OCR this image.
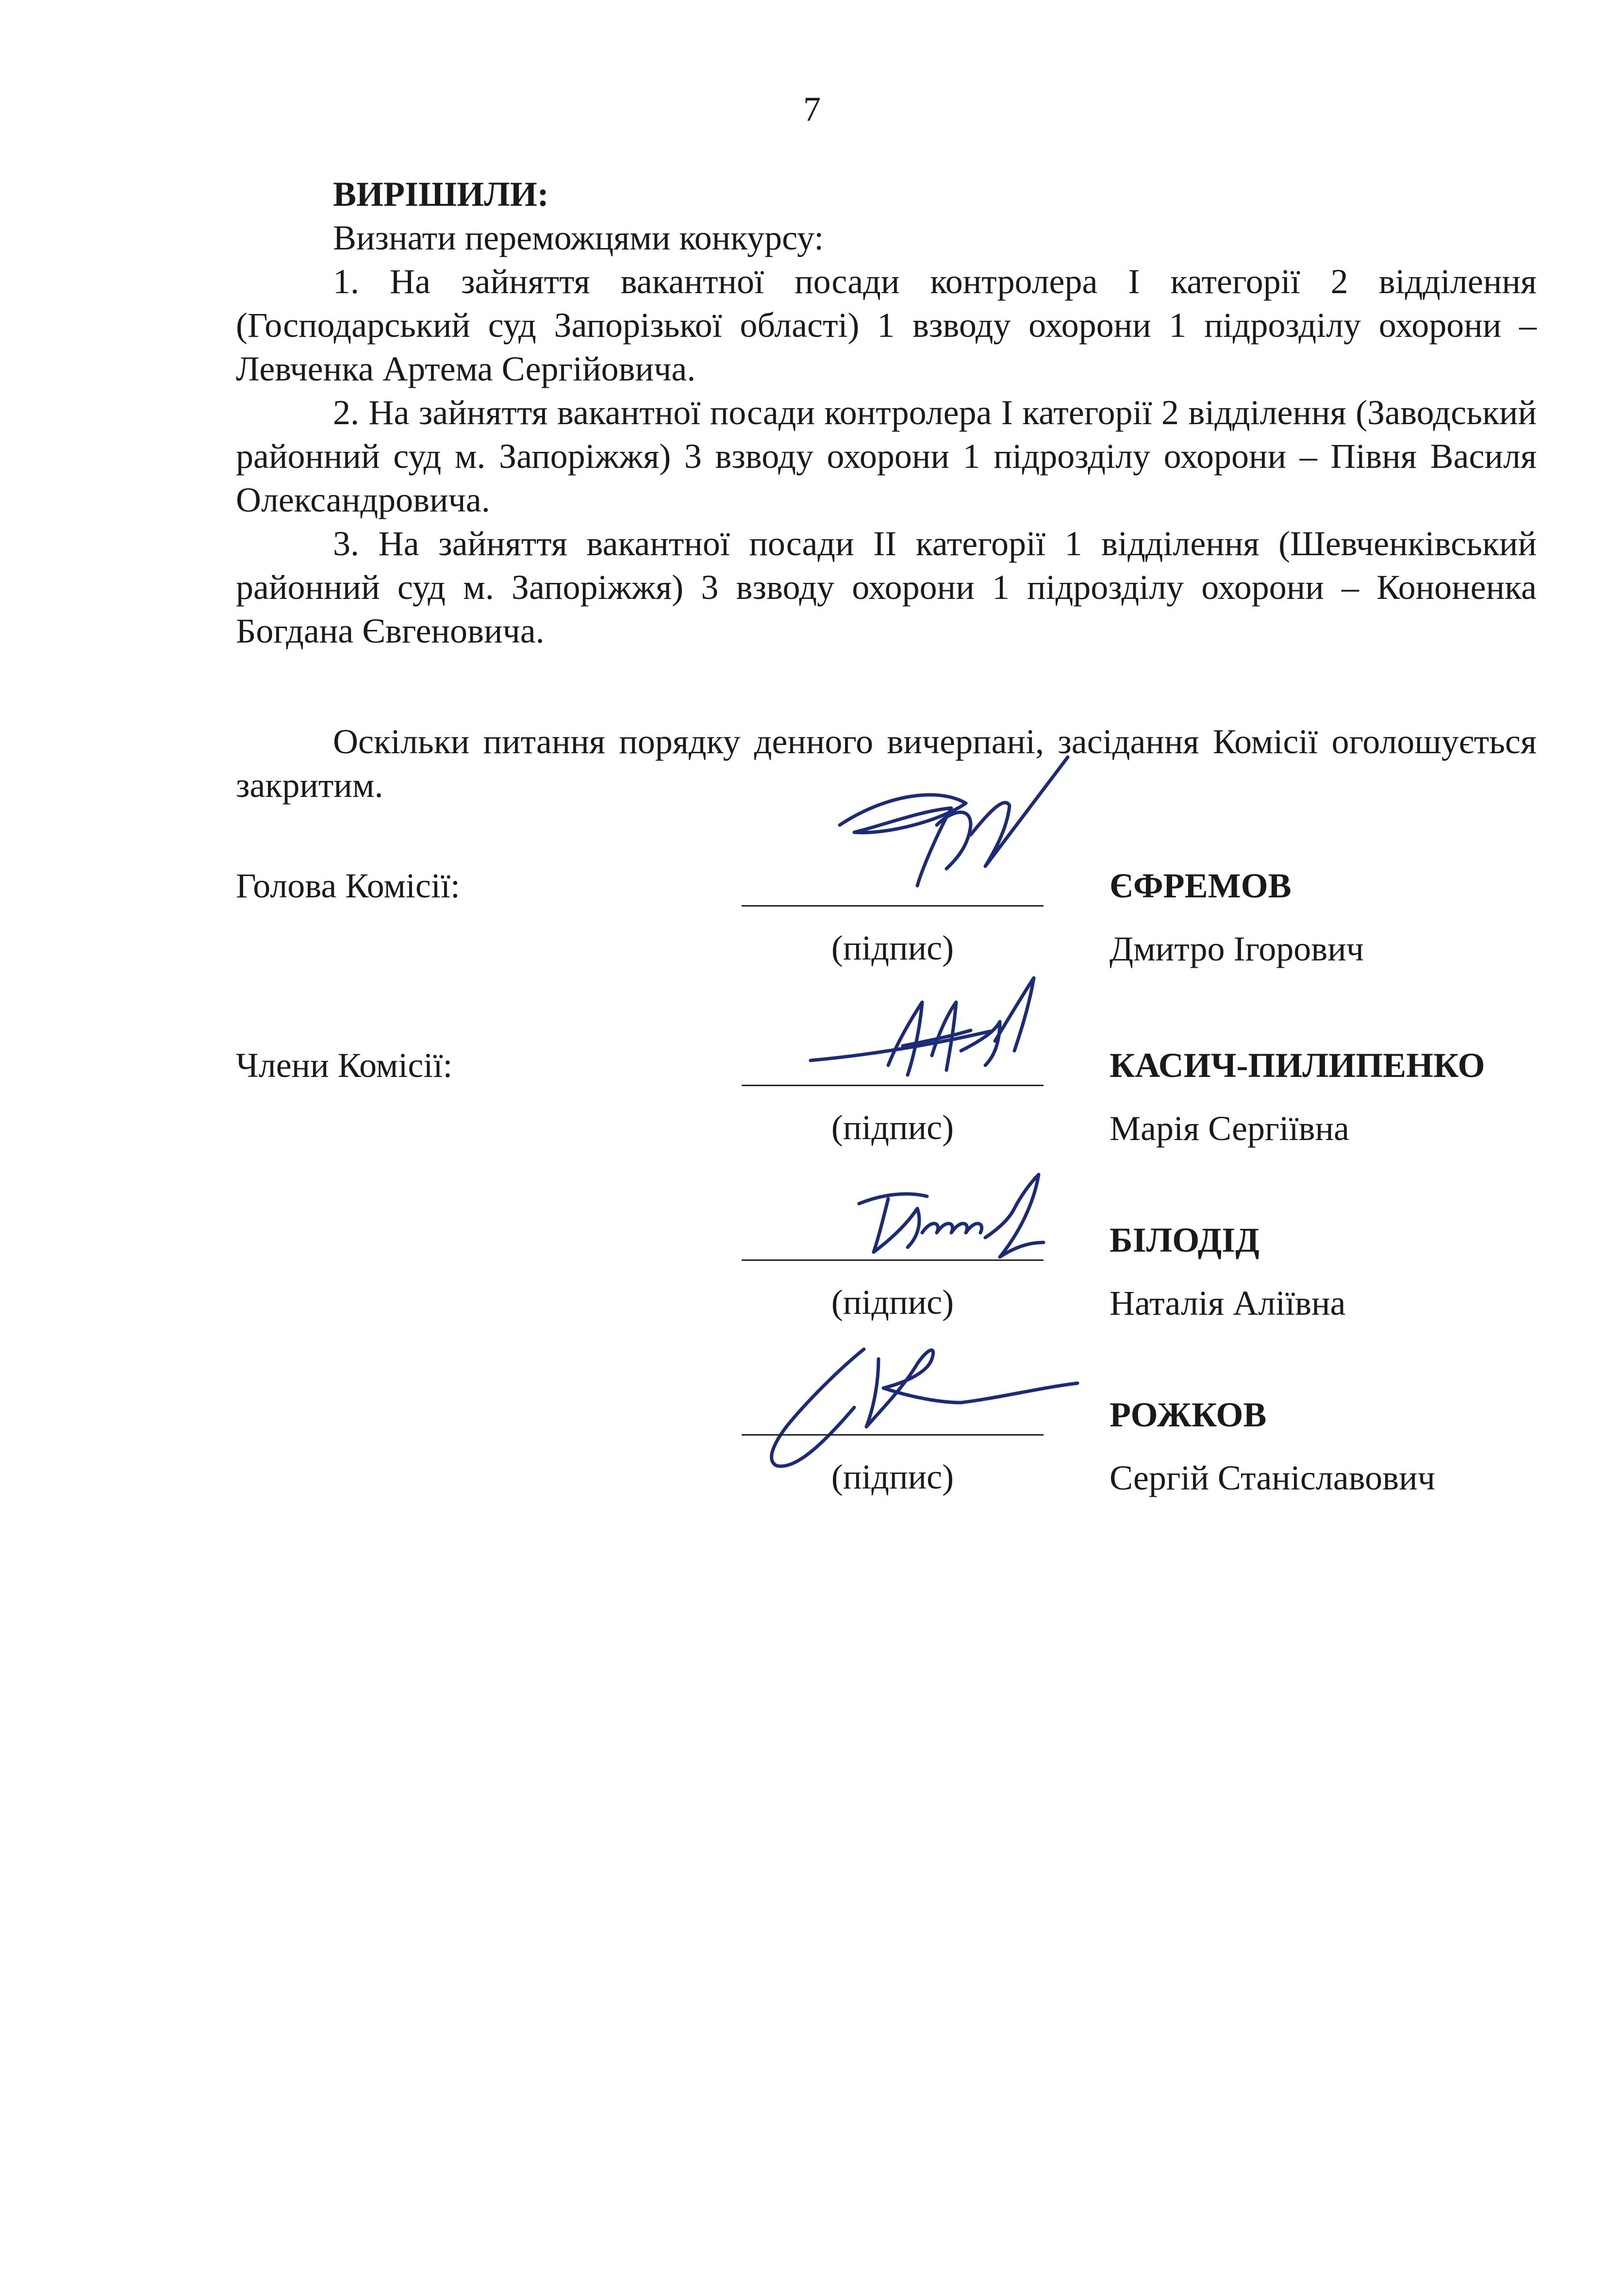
7

ВИРІШИЛИ:

Визнати переможцями конкурсу:

1. На зайняття вакантної посади контролера І категорії 2 відділення (Господарський суд Запорізької області) 1 взводу охорони 1 підрозділу охорони – Левченка Артема Сергійовича.

2. На зайняття вакантної посади контролера І категорії 2 відділення (Заводський районний суд м. Запоріжжя) 3 взводу охорони 1 підрозділу охорони – Півня Василя Олександровича.

3. На зайняття вакантної посади ІІ категорії 1 відділення (Шевченківський районний суд м. Запоріжжя) 3 взводу охорони 1 підрозділу охорони – Кононенка Богдана Євгеновича.

Оскільки питання порядку денного вичерпані, засідання Комісії оголошується закритим.

Голова Комісії:
(підпис)
ЄФРЕМОВ
Дмитро Ігорович
Члени Комісії:
(підпис)
КАСИЧ-ПИЛИПЕНКО
Марія Сергіївна
(підпис)
БІЛОДІД
Наталія Аліївна
(підпис)
РОЖКОВ
Сергій Станіславович
